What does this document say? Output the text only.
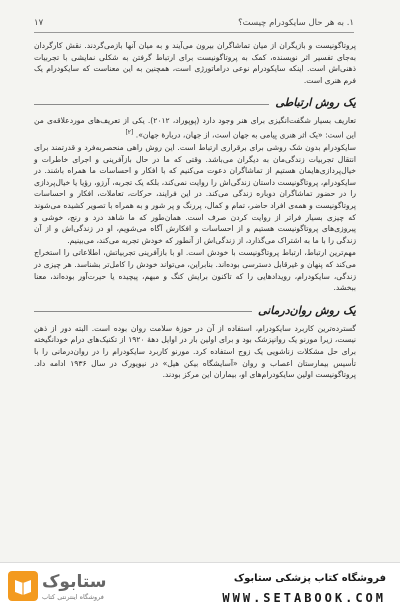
۱. به هر حال سایکودرام چیست؟
۱۷

پروتاگونیست و بازیگران از میان تماشاگران بیرون می‌آیند و به میان آنها بازمی‌گردند. نقش کارگردان به‌جای تفسیر اثر نویسنده، کمک به پروتاگونیست برای ارتباط گرفتن به شکلی نمایشی با تجربیات ذهنی‌اش است. اینکه سایکودرام نوعی دراماتورژی است، همچنین به این معناست که سایکودرام یک فرم هنری است.

یک روش ارتباطی

تعاریف بسیار شگفت‌انگیزی برای هنر وجود دارد (پوپوراد، ۲۰۱۲). یکی از تعریف‌های موردعلاقه‌ی من این است: «یک اثر هنری پیامی به جهان است، از جهان، دربارهٔ جهان». [۲]

سایکودرام بدون شک روشی برای برقراری ارتباط است. این روش راهی منحصربه‌فرد و قدرتمند برای انتقال تجربیات زندگی‌مان به دیگران می‌باشد. وقتی که ما در حال بازآفرینی و اجرای خاطرات و خیال‌پردازی‌هایمان هستیم از تماشاگران دعوت می‌کنیم که با افکار و احساسات ما همراه باشند. در سایکودرام، پروتاگونیست داستان زندگی‌اش را روایت نمی‌کند، بلکه یک تجربه، آرزو، رؤیا یا خیال‌پردازی را در حضور تماشاگران دوباره زندگی می‌کند. در این فرایند، حرکات، تعاملات، افکار و احساسات پروتاگونیست و همه‌ی افراد حاضر، تمام و کمال، پررنگ و پر شور و به همراه با تصویر کشیده می‌شوند که چیزی بسیار فراتر از روایت کردن صرف است. همان‌طور که ما شاهد درد و رنج، خوشی و پیروزی‌های پروتاگونیست هستیم و از احساسات و افکارش آگاه می‌شویم، او در زندگی‌اش و از آن زندگی را با ما به اشتراک می‌گذارد، از زندگی‌اش از آنطور که خودش تجربه می‌کند، می‌بینیم.

مهم‌ترین ارتباط، ارتباط پروتاگونیست با خودش است. او با بازآفرینی تجربیاتش، اطلاعاتی را استخراج می‌کند که پنهان و غیرقابل دسترسی بوده‌اند. بنابراین، می‌تواند خودش را کامل‌تر بشناسد. هر چیزی در زندگی، سایکودرام، رویدادهایی را که تاکنون برایش کنگ و مبهم، پیچیده یا حیرت‌آور بوده‌اند، معنا ببخشد.

یک روش روان‌درمانی

گسترده‌ترین کاربرد سایکودرام، استفاده از آن در حوزهٔ سلامت روان بوده است. البته دور از ذهن نیست، زیرا مورنو یک روانپزشک بود و برای اولین بار در اوایل دههٔ ۱۹۲۰ از تکنیک‌های درام خودانگیخته برای حل مشکلات زناشویی یک زوج استفاده کرد. مورنو کاربرد سایکودرام را در روان‌درمانی را با تأسیس بیمارستان اعصاب و روان «آسایشگاه بیکن هیل» در نیویورک در سال ۱۹۳۶ ادامه داد. پروتاگونیست اولین سایکودرام‌های او، بیماران این مرکز بودند.

ستابوک
فروشگاه اینترنتی کتاب
فروشگاه کتاب پزشکی ستابوک
WWW.SETABOOK.COM
